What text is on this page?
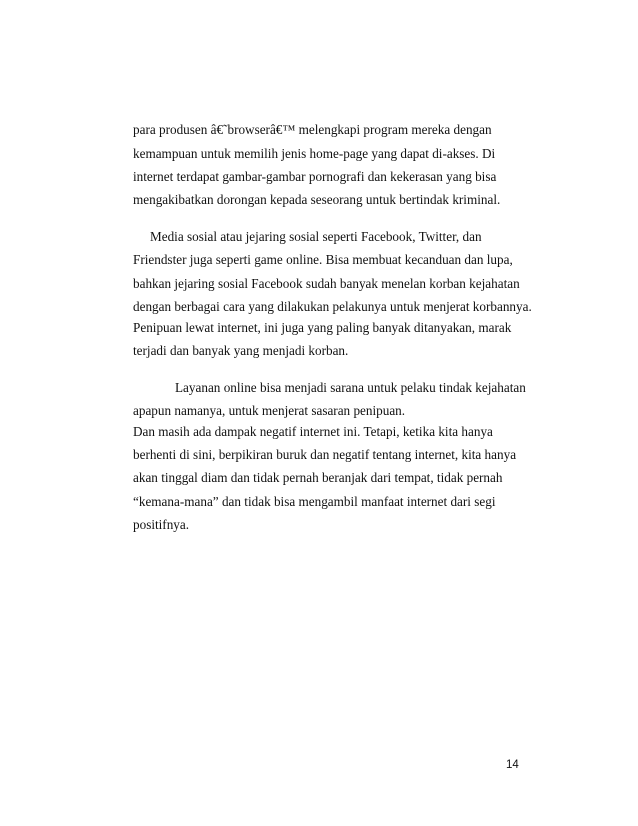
para produsen â€˜browserâ€™ melengkapi program mereka dengan
kemampuan untuk memilih jenis home-page yang dapat di-akses. Di
internet terdapat gambar-gambar pornografi dan kekerasan yang bisa
mengakibatkan dorongan kepada seseorang untuk bertindak kriminal.
Media sosial atau jejaring sosial seperti Facebook, Twitter, dan
Friendster juga seperti game online. Bisa membuat kecanduan dan lupa,
bahkan jejaring sosial Facebook sudah banyak menelan korban kejahatan
dengan berbagai cara yang dilakukan pelakunya untuk menjerat korbannya.
Penipuan lewat internet, ini juga yang paling banyak ditanyakan, marak
terjadi dan banyak yang menjadi korban.
Layanan online bisa menjadi sarana untuk pelaku tindak kejahatan
apapun namanya, untuk menjerat sasaran penipuan.
Dan masih ada dampak negatif internet ini. Tetapi, ketika kita hanya
berhenti di sini, berpikiran buruk dan negatif tentang internet, kita hanya
akan tinggal diam dan tidak pernah beranjak dari tempat, tidak pernah
“kemana-mana” dan tidak bisa mengambil manfaat internet dari segi
positifnya.
14
